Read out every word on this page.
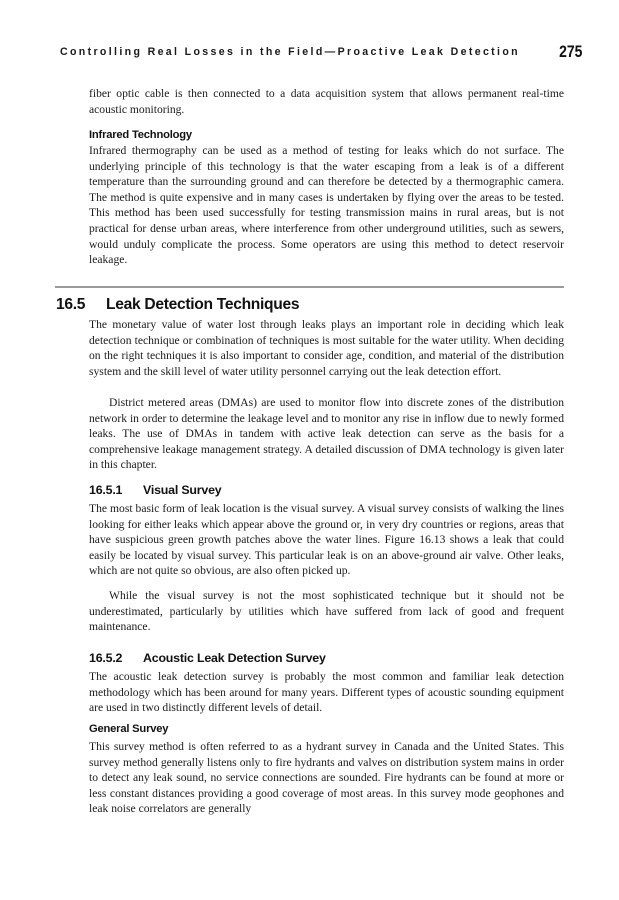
Controlling Real Losses in the Field—Proactive Leak Detection 275

fiber optic cable is then connected to a data acquisition system that allows permanent real-time acoustic monitoring.

Infrared Technology

Infrared thermography can be used as a method of testing for leaks which do not surface. The underlying principle of this technology is that the water escaping from a leak is of a different temperature than the surrounding ground and can therefore be detected by a thermographic camera. The method is quite expensive and in many cases is undertaken by flying over the areas to be tested. This method has been used successfully for testing transmission mains in rural areas, but is not practical for dense urban areas, where interference from other underground utilities, such as sewers, would unduly complicate the process. Some operators are using this method to detect reservoir leakage.

16.5 Leak Detection Techniques

The monetary value of water lost through leaks plays an important role in deciding which leak detection technique or combination of techniques is most suitable for the water utility. When deciding on the right techniques it is also important to consider age, condition, and material of the distribution system and the skill level of water utility personnel carrying out the leak detection effort.

District metered areas (DMAs) are used to monitor flow into discrete zones of the distribution network in order to determine the leakage level and to monitor any rise in inflow due to newly formed leaks. The use of DMAs in tandem with active leak detection can serve as the basis for a comprehensive leakage management strategy. A detailed discussion of DMA technology is given later in this chapter.

16.5.1 Visual Survey

The most basic form of leak location is the visual survey. A visual survey consists of walking the lines looking for either leaks which appear above the ground or, in very dry countries or regions, areas that have suspicious green growth patches above the water lines. Figure 16.13 shows a leak that could easily be located by visual survey. This particular leak is on an above-ground air valve. Other leaks, which are not quite so obvious, are also often picked up.

While the visual survey is not the most sophisticated technique but it should not be underestimated, particularly by utilities which have suffered from lack of good and frequent maintenance.

16.5.2 Acoustic Leak Detection Survey

The acoustic leak detection survey is probably the most common and familiar leak detection methodology which has been around for many years. Different types of acoustic sounding equipment are used in two distinctly different levels of detail.

General Survey

This survey method is often referred to as a hydrant survey in Canada and the United States. This survey method generally listens only to fire hydrants and valves on distribution system mains in order to detect any leak sound, no service connections are sounded. Fire hydrants can be found at more or less constant distances providing a good coverage of most areas. In this survey mode geophones and leak noise correlators are generally
